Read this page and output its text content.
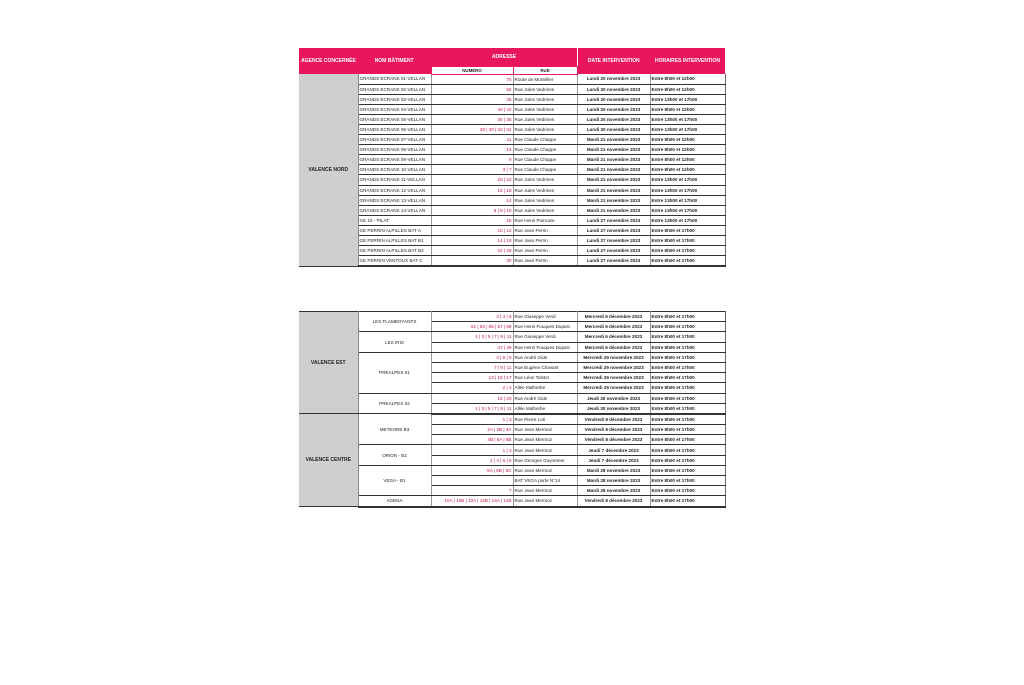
AGENCE CONCERNÉE	NOM BÂTIMENT	ADRESSE		DATE INTERVENTION	HORAIRES INTERVENTION
		NUMÉRO	RUE		
VALENCE NORD	GRANDS ECRANS 01-VELLAN	75	Route de Montélier	Lundi 20 novembre 2023	Entre 8h00 et 12h00
	GRANDS ECRANS 02-VELLAN	50	Rue Jules Vedrines	Lundi 20 novembre 2023	Entre 8h00 et 12h00
	GRANDS ECRANS 03-VELLAN	46	Rue Jules Vedrines	Lundi 20 novembre 2023	Entre 13h00 et 17h00
	GRANDS ECRANS 04-VELLAN	40 | 42	Rue Jules Vedrines	Lundi 20 novembre 2023	Entre 8h00 et 12h00
	GRANDS ECRANS 05-VELLAN	36 | 38	Rue Jules Vedrines	Lundi 20 novembre 2023	Entre 13h00 et 17h00
	GRANDS ECRANS 06-VELLAN	28 | 30 | 32 | 34	Rue Jules Vedrines	Lundi 20 novembre 2023	Entre 13h00 et 17h00
	GRANDS ECRANS 07-VELLAN	11	Rue Claude Chappe	Mardi 21 novembre 2023	Entre 8h00 et 12h00
	GRANDS ECRANS 08-VELLAN	13	Rue Claude Chappe	Mardi 21 novembre 2023	Entre 8h00 et 12h00
	GRANDS ECRANS 09-VELLAN	9	Rue Claude Chappe	Mardi 21 novembre 2023	Entre 8h00 et 12h00
	GRANDS ECRANS 10-VELLAN	3 | 7	Rue Claude Chappe	Mardi 21 novembre 2023	Entre 8h00 et 12h00
	GRANDS ECRANS 11-VELLAN	20 | 22	Rue Jules Vedrines	Mardi 21 novembre 2023	Entre 13h00 et 17h00
	GRANDS ECRANS 12-VELLAN	16 | 18	Rue Jules Vedrines	Mardi 21 novembre 2023	Entre 13h00 et 17h00
	GRANDS ECRANS 13-VELLAN	14	Rue Jules Vedrines	Mardi 21 novembre 2023	Entre 13h00 et 17h00
	GRANDS ECRANS 14-VELLAN	6 | 8 | 10	Rue Jules Vedrines	Mardi 21 novembre 2023	Entre 13h00 et 17h00
	GE 15 - PILAT	15	Rue Henri Poincare	Lundi 27 novembre 2023	Entre 13h00 et 17h00
	GE PERRIN ALPILLES BAT A	10 | 12	Rue Jean Perrin	Lundi 27 novembre 2023	Entre 8h00 et 17h00
	GE PERRIN ALPILLES BAT B1	14 | 18	Rue Jean Perrin	Lundi 27 novembre 2023	Entre 8h00 et 17h00
	GE PERRIN ALPILLES BAT B2	24 | 28	Rue Jean Perrin	Lundi 27 novembre 2023	Entre 8h00 et 17h00
	GE PERRIN VENTOUX BAT C	30	Rue Jean Perrin	Lundi 27 novembre 2023	Entre 8h00 et 17h00
VALENCE EST	LES FLAMBOYANTS	2 | 4 | 6	Rue Giuseppe Verdi	Mercredi 6 décembre 2023	Entre 8h00 et 17h00
		61 | 63 | 65 | 67 | 69	Rue Henri Fouques Duparc	Mercredi 6 décembre 2023	Entre 8h00 et 17h00
	LES IRIS	1 | 3 | 5 | 7 | 9 | 11	Rue Giuseppe Verdi	Mercredi 6 décembre 2023	Entre 8h00 et 17h00
		47 | 49	Rue Henri Fouques Duparc	Mercredi 6 décembre 2023	Entre 8h00 et 17h00
	PREALPES 01	2 | 6 | 8	Rue André Gide	Mercredi 29 novembre 2023	Entre 8h00 et 17h00
		7 | 9 | 11	Rue Eugène Chavant	Mercredi 29 novembre 2023	Entre 8h00 et 17h00
		13 | 15 | 17	Rue Léon Tolstoï	Mercredi 29 novembre 2023	Entre 8h00 et 17h00
		2 | 4	Allée Malherbe	Mercredi 29 novembre 2023	Entre 8h00 et 17h00
	PREALPES 02	16 | 20	Rue André Gide	Jeudi 30 novembre 2023	Entre 8h00 et 17h00
		1 | 3 | 5 | 7 | 9 | 11	Allée Malherbe	Jeudi 30 novembre 2023	Entre 8h00 et 17h00
VALENCE CENTRE	METEORE B3	1 | 3	Rue Pierre Loti	Vendredi 8 décembre 2023	Entre 8h00 et 17h00
		2A | 2B | 4A	Rue Jean Mermoz	Vendredi 8 décembre 2023	Entre 8h00 et 17h00
		4B | 6A | 6B	Rue Jean Mermoz	Vendredi 8 décembre 2023	Entre 8h00 et 17h00
	ORION - B2	1 | 3	Rue Jean Mermoz	Jeudi 7 décembre 2023	Entre 8h00 et 17h00
		2 | 4 | 6 | 8	Rue Georges Guynemer	Jeudi 7 décembre 2023	Entre 8h00 et 17h00
	VEGA - B1	5A | 5B | 5C	Rue Jean Mermoz	Mardi 28 novembre 2023	Entre 8h00 et 17h00
			BAT VEGA porte N°14	Mardi 28 novembre 2023	Entre 8h00 et 17h00
		7	Rue Jean Mermoz	Mardi 28 novembre 2023	Entre 8h00 et 17h00
	AGENA	10A | 10B | 12A | 12B | 14A | 14B	Rue Jean Mermoz	Vendredi 8 décembre 2023	Entre 8h00 et 17h00
